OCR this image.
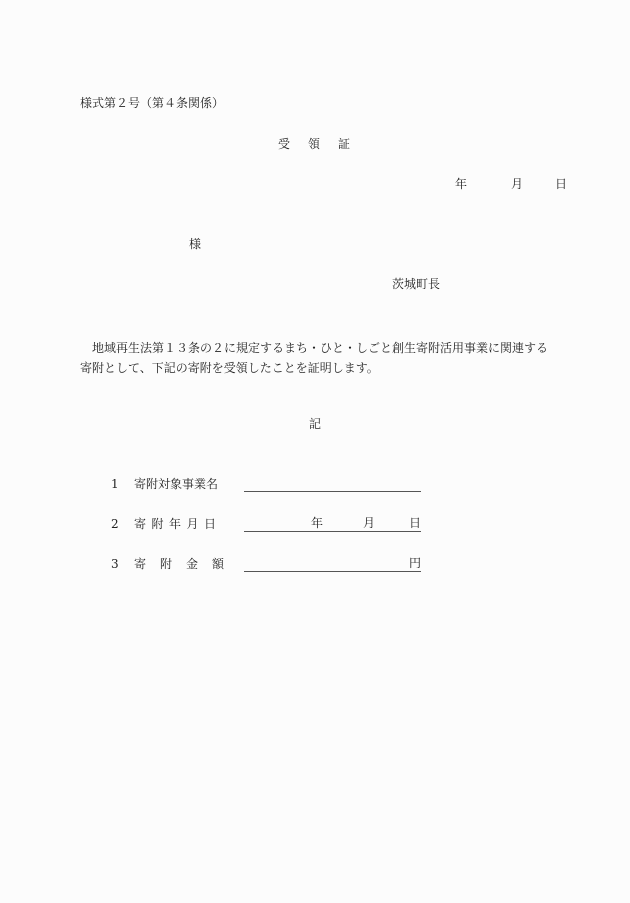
様式第２号（第４条関係）
受 領 証
年	月	日
様
茨城町長
地域再生法第１３条の２に規定するまち・ひと・しごと創生寄附活用事業に関連する寄附として、下記の寄附を受領したことを証明します。
記
1 寄附対象事業名
2 寄附年月日	年	月	日
3 寄附金額	円
